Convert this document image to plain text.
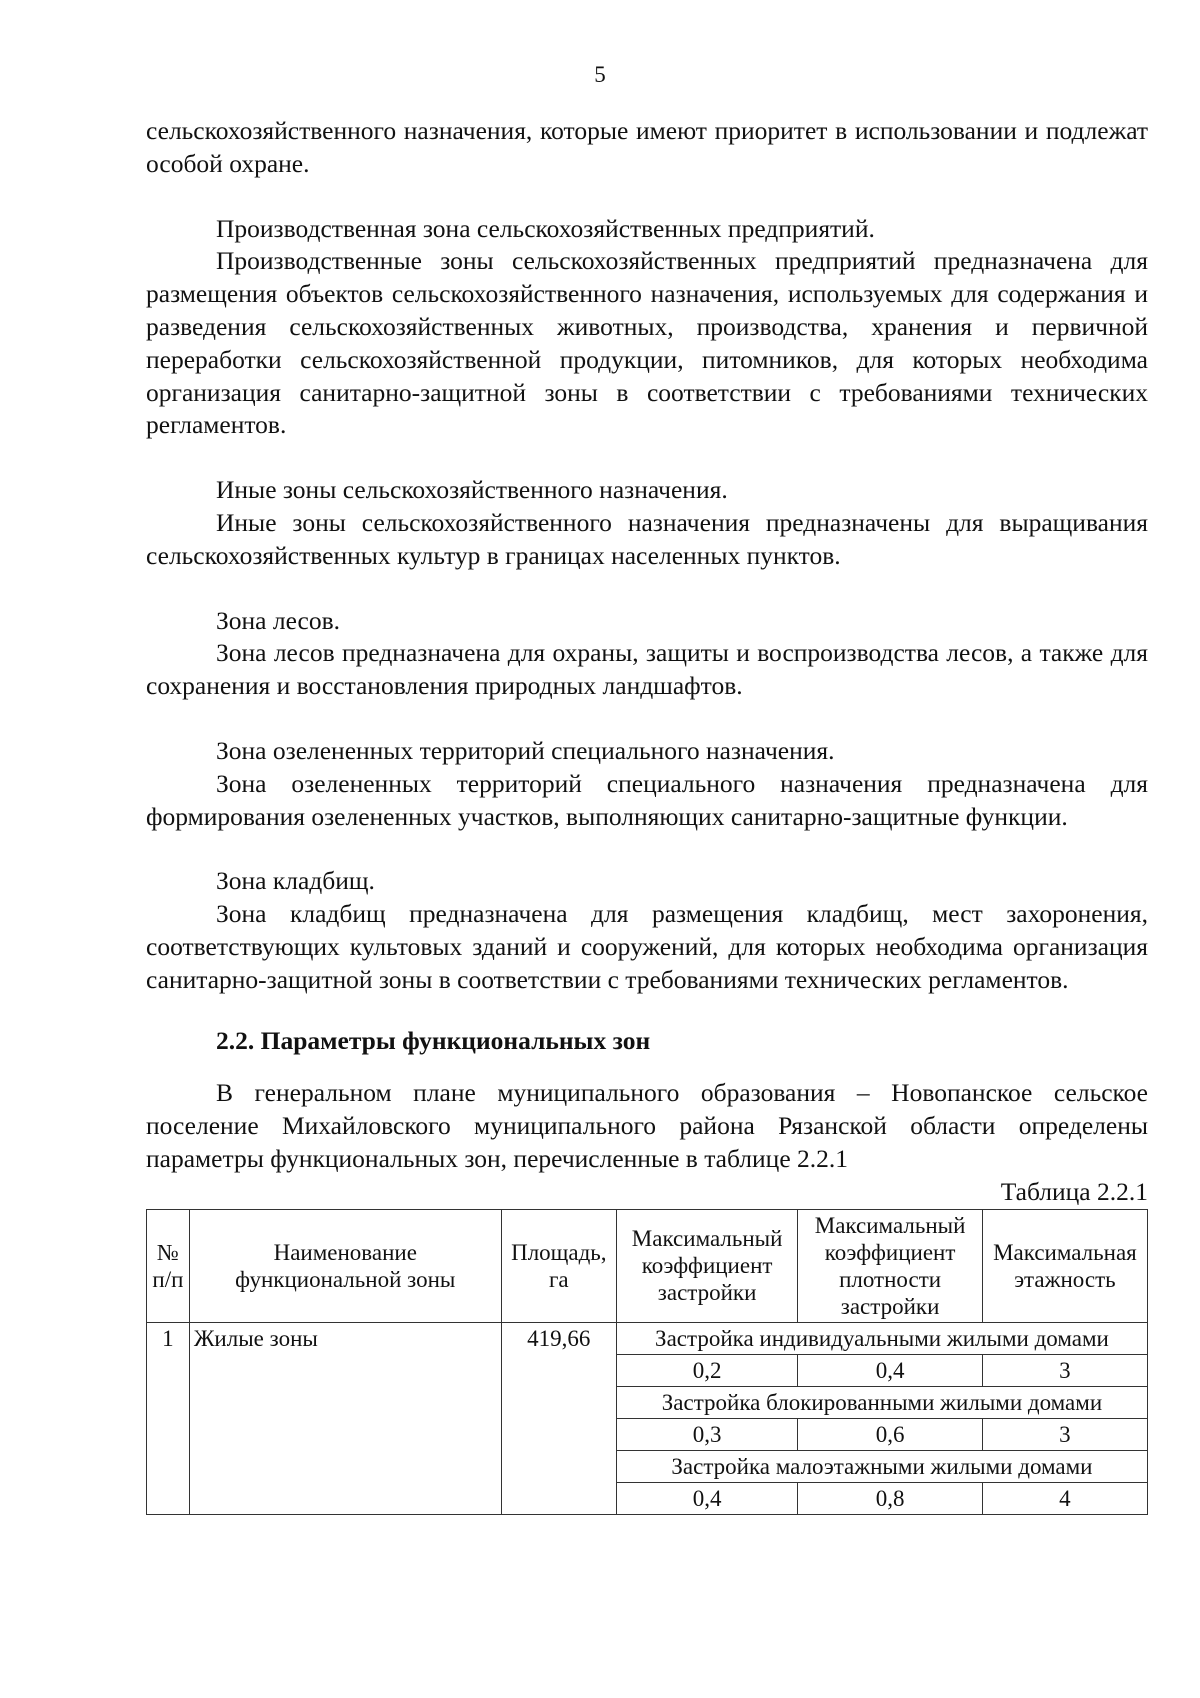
5

сельскохозяйственного назначения, которые имеют приоритет в использовании и подлежат особой охране.

Производственная зона сельскохозяйственных предприятий.

Производственные зоны сельскохозяйственных предприятий предназначена для размещения объектов сельскохозяйственного назначения, используемых для содержания и разведения сельскохозяйственных животных, производства, хранения и первичной переработки сельскохозяйственной продукции, питомников, для которых необходима организация санитарно-защитной зоны в соответствии с требованиями технических регламентов.

Иные зоны сельскохозяйственного назначения.

Иные зоны сельскохозяйственного назначения предназначены для выращивания сельскохозяйственных культур в границах населенных пунктов.

Зона лесов.

Зона лесов предназначена для охраны, защиты и воспроизводства лесов, а также для сохранения и восстановления природных ландшафтов.

Зона озелененных территорий специального назначения.

Зона озелененных территорий специального назначения предназначена для формирования озелененных участков, выполняющих санитарно-защитные функции.

Зона кладбищ.

Зона кладбищ предназначена для размещения кладбищ, мест захоронения, соответствующих культовых зданий и сооружений, для которых необходима организация санитарно-защитной зоны в соответствии с требованиями технических регламентов.

2.2. Параметры функциональных зон

В генеральном плане муниципального образования – Новопанское сельское поселение Михайловского муниципального района Рязанской области определены параметры функциональных зон, перечисленные в таблице 2.2.1

Таблица 2.2.1

№ п/п	Наименование функциональной зоны	Площадь, га	Максимальный коэффициент застройки	Максимальный коэффициент плотности застройки	Максимальная этажность
1	Жилые зоны	419,66	Застройка индивидуальными жилыми домами		
			0,2	0,4	3
			Застройка блокированными жилыми домами		
			0,3	0,6	3
			Застройка малоэтажными жилыми домами		
			0,4	0,8	4
